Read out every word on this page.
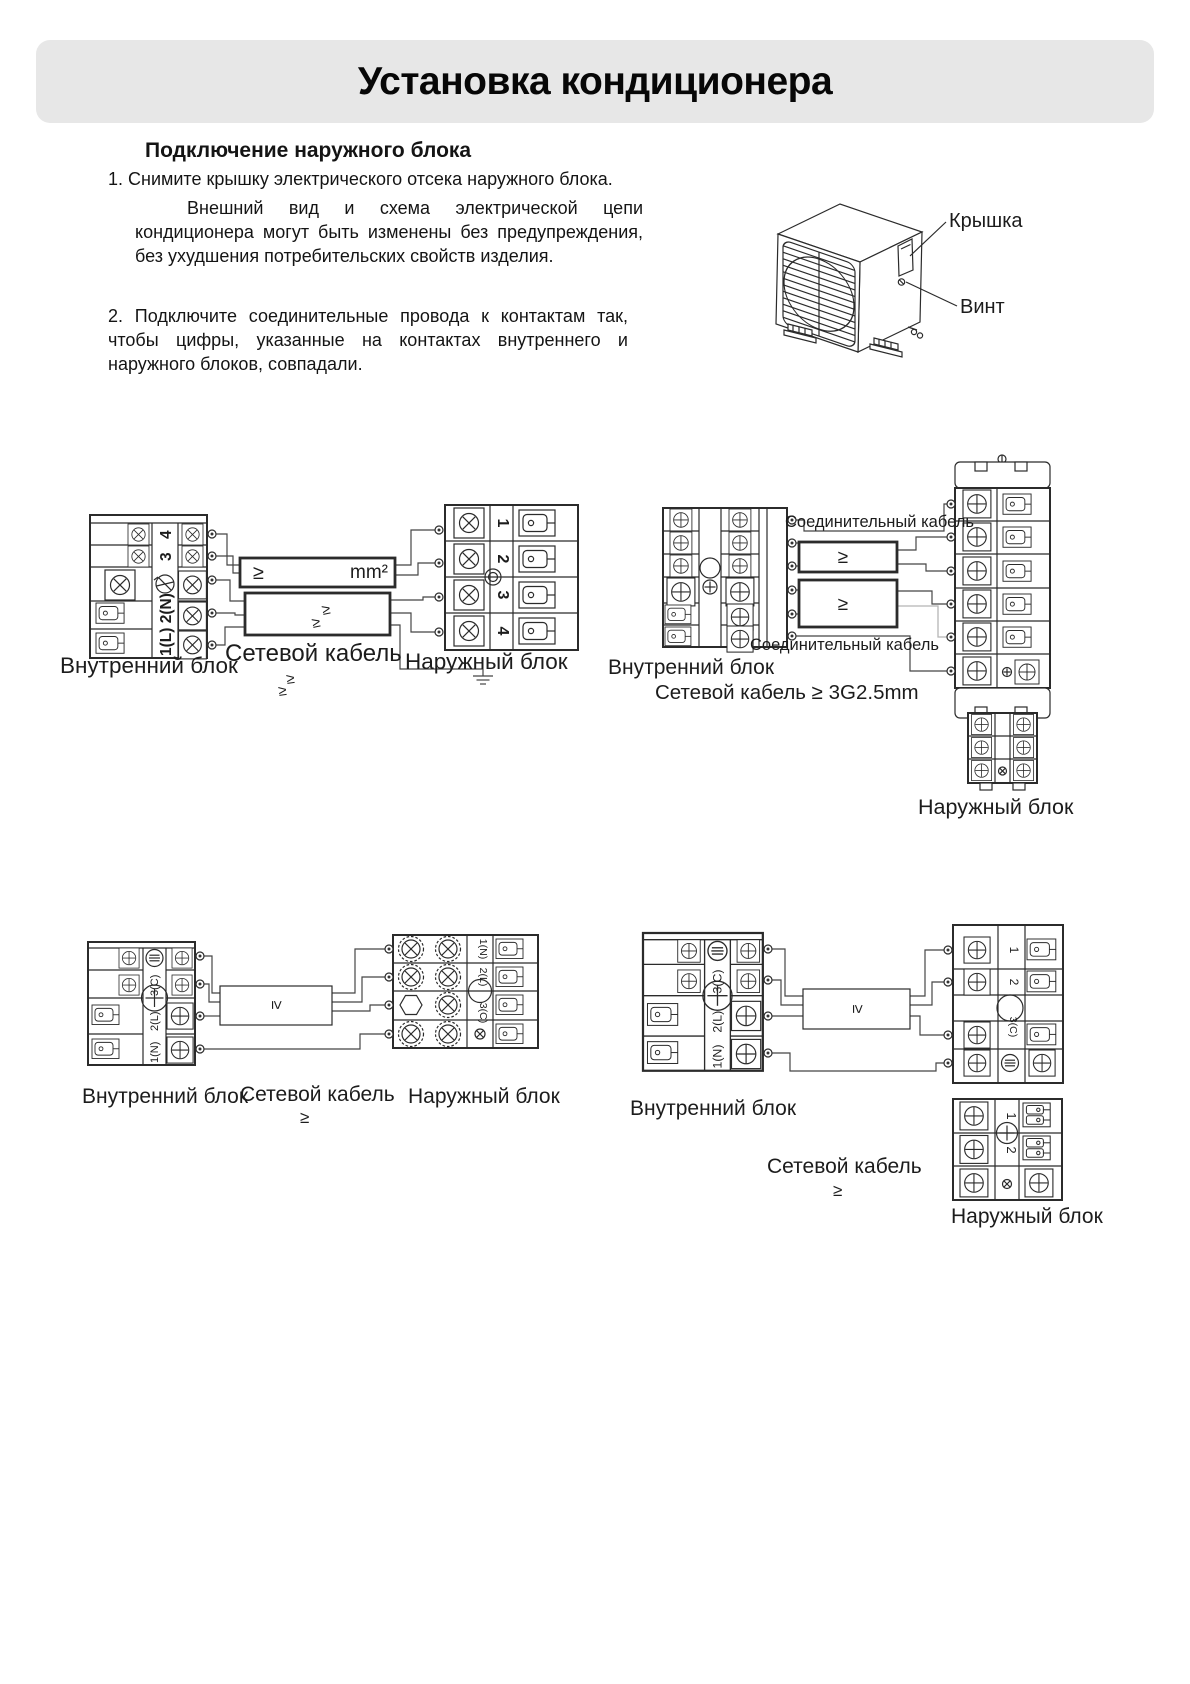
Установка кондиционера
Подключение наружного блока
1. Снимите крышку электрического отсека наружного блока.
Внешний вид и схема электрической цепи кондиционера могут быть изменены без предупреждения, без ухудшения потребительских свойств изделия.
2. Подключите соединительные провода к контактам так, чтобы цифры, указанные на контактах внутреннего и наружного блоков, совпадали.
Крышка
Винт
≥	mm²
≥
≥
1(L) 2(N)
3
4
1
2
3
4
Сетевой кабель
≥
≥
Внутренний блок	Наружный блок
≥
≥
Соединительный кабель
Соединительный кабель
Внутренний блок
Сетевой кабель ≥ 3G2.5mm
Наружный блок
≥
1(N)
2(L)
3(C)
Внутренний блок
Сетевой кабель
≥
Наружный блок
≥
1
2
3(C)
1
2
Внутренний блок
Сетевой кабель
≥
Наружный блок
